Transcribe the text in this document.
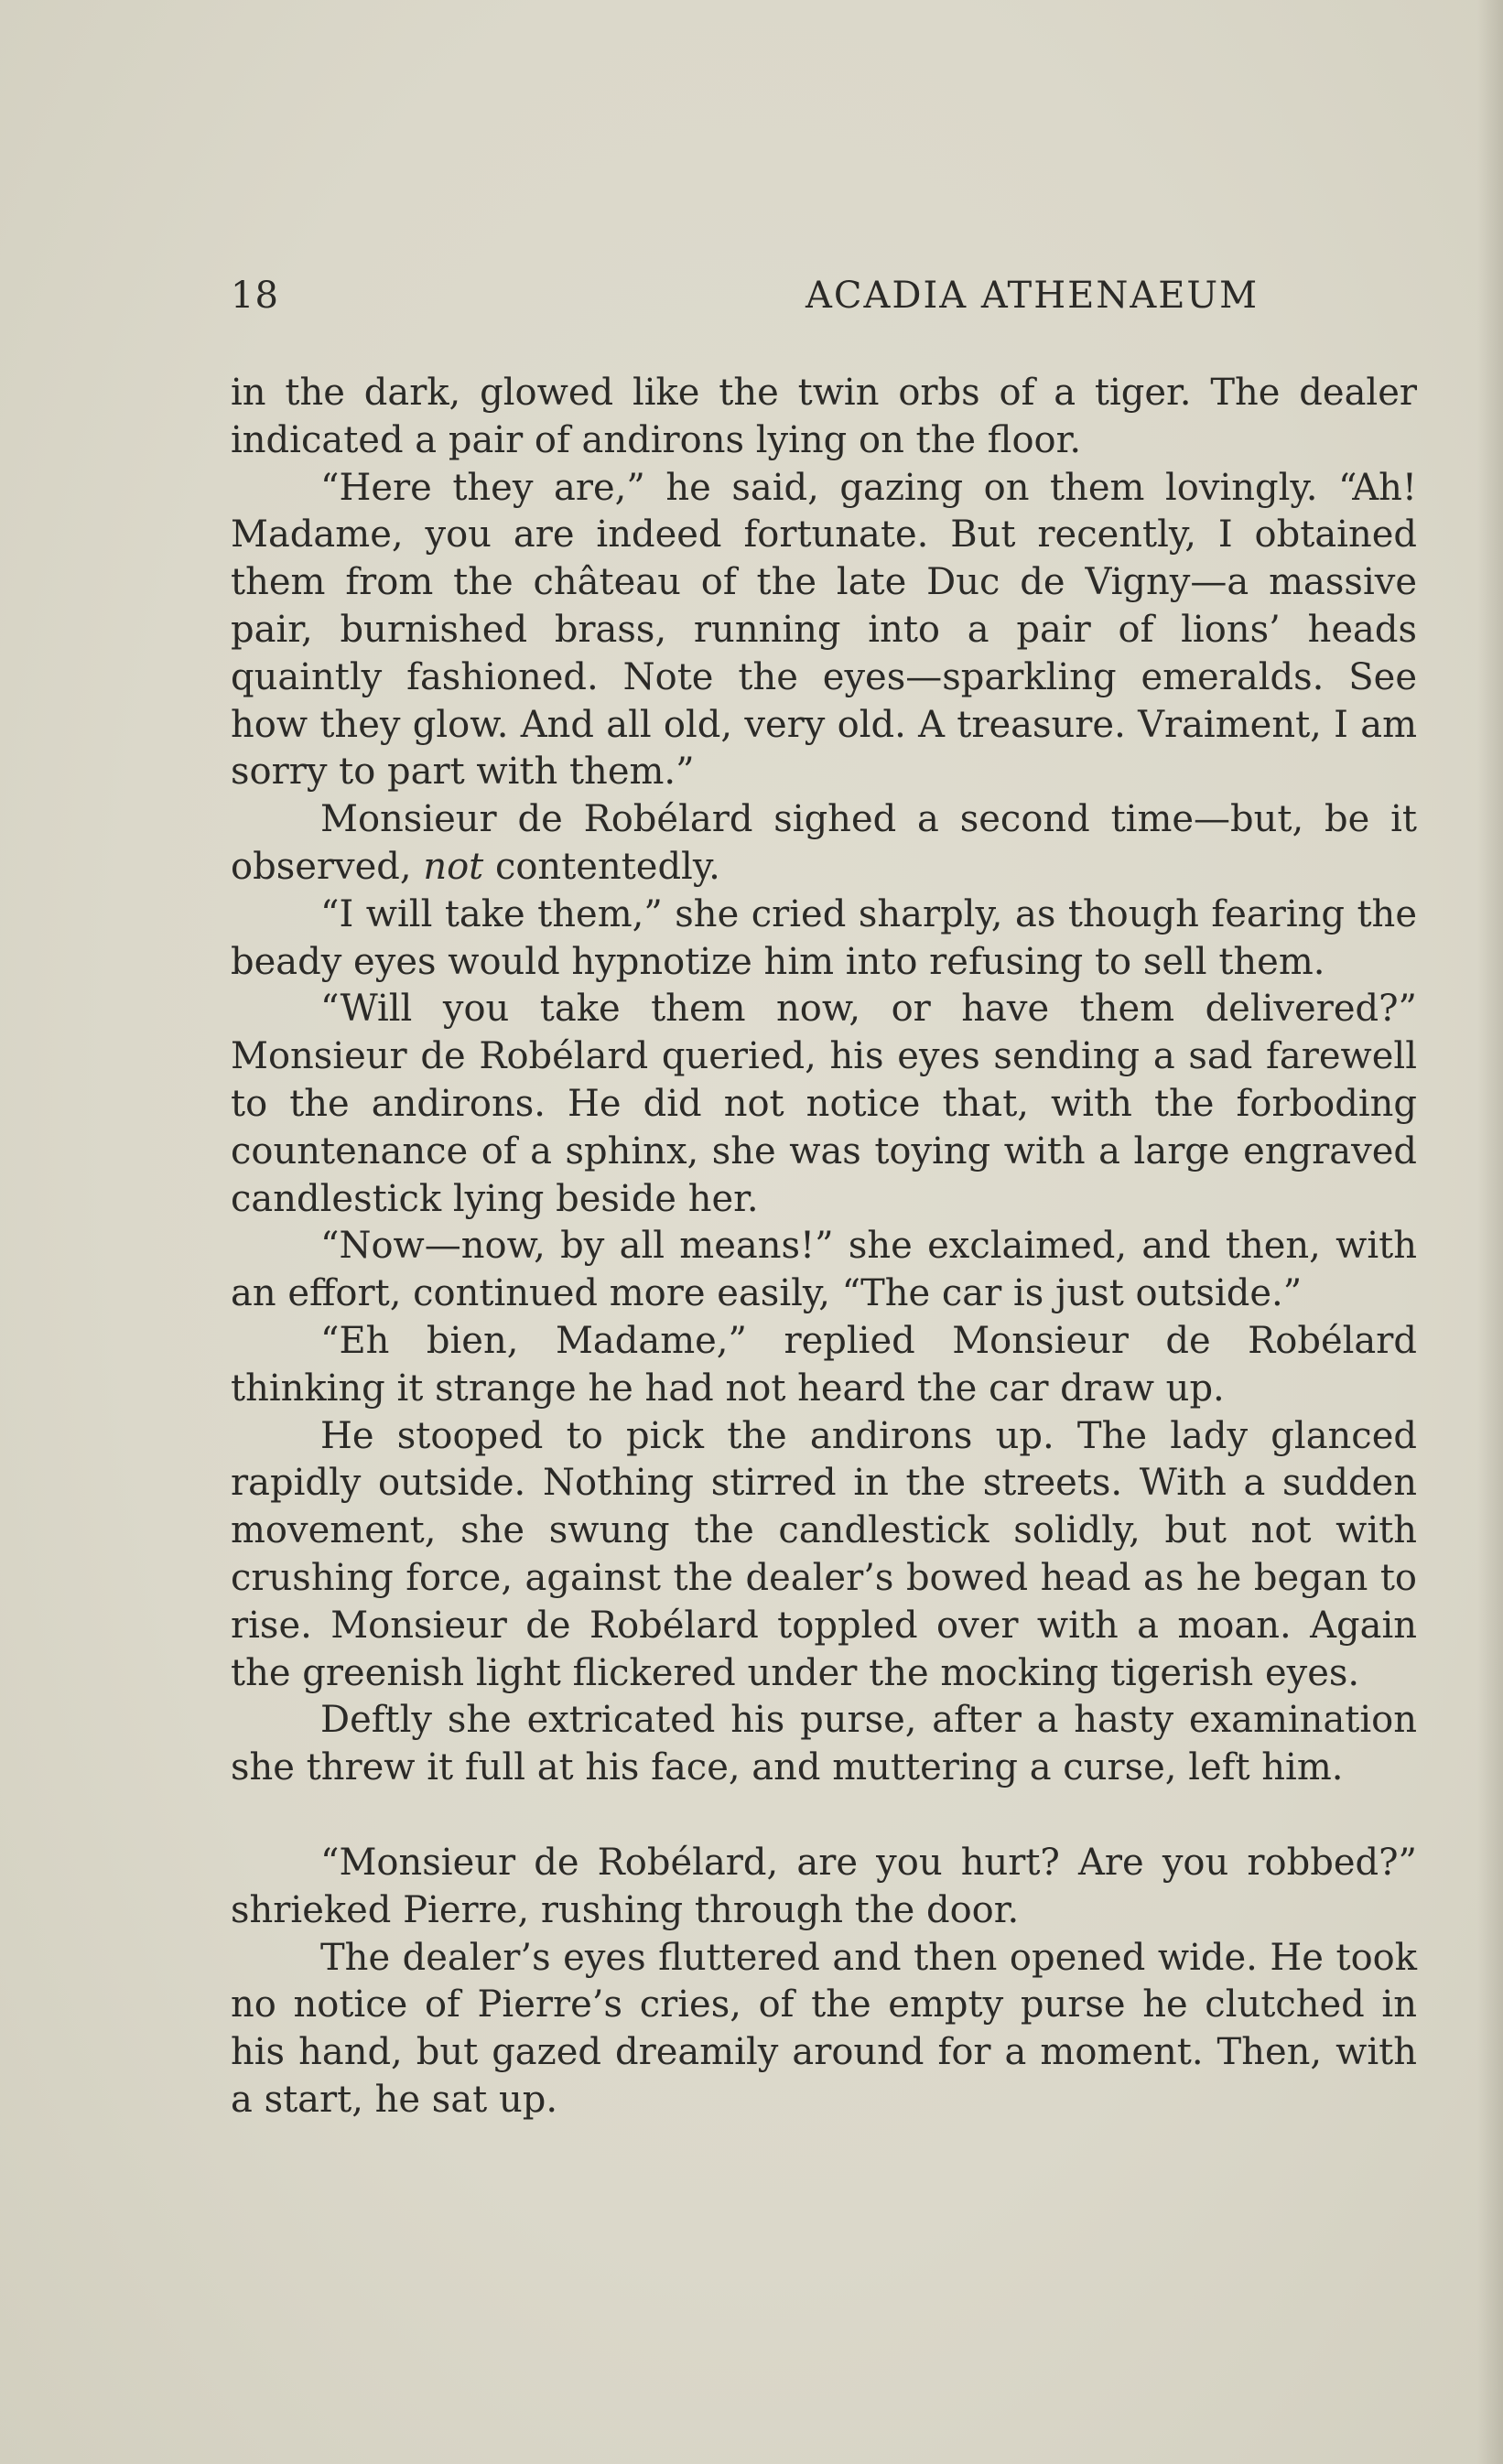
18	ACADIA ATHENAEUM

in the dark, glowed like the twin orbs of a tiger. The dealer indicated a pair of andirons lying on the floor.

“Here they are,” he said, gazing on them lovingly. “Ah! Madame, you are indeed fortunate. But recently, I obtained them from the château of the late Duc de Vigny—a massive pair, burnished brass, running into a pair of lions’ heads quaintly fashioned. Note the eyes—sparkling emeralds. See how they glow. And all old, very old. A treasure. Vraiment, I am sorry to part with them.”

Monsieur de Robélard sighed a second time—but, be it observed, not contentedly.

“I will take them,” she cried sharply, as though fearing the beady eyes would hypnotize him into refusing to sell them.

“Will you take them now, or have them delivered?” Monsieur de Robélard queried, his eyes sending a sad farewell to the andirons. He did not notice that, with the forboding countenance of a sphinx, she was toying with a large engraved candlestick lying beside her.

“Now—now, by all means!” she exclaimed, and then, with an effort, continued more easily, “The car is just outside.”

“Eh bien, Madame,” replied Monsieur de Robélard thinking it strange he had not heard the car draw up.

He stooped to pick the andirons up. The lady glanced rapidly outside. Nothing stirred in the streets. With a sudden movement, she swung the candlestick solidly, but not with crushing force, against the dealer’s bowed head as he began to rise. Monsieur de Robélard toppled over with a moan. Again the greenish light flickered under the mocking tigerish eyes.

Deftly she extricated his purse, after a hasty examination she threw it full at his face, and muttering a curse, left him.

“Monsieur de Robélard, are you hurt? Are you robbed?” shrieked Pierre, rushing through the door.

The dealer’s eyes fluttered and then opened wide. He took no notice of Pierre’s cries, of the empty purse he clutched in his hand, but gazed dreamily around for a moment. Then, with a start, he sat up.
